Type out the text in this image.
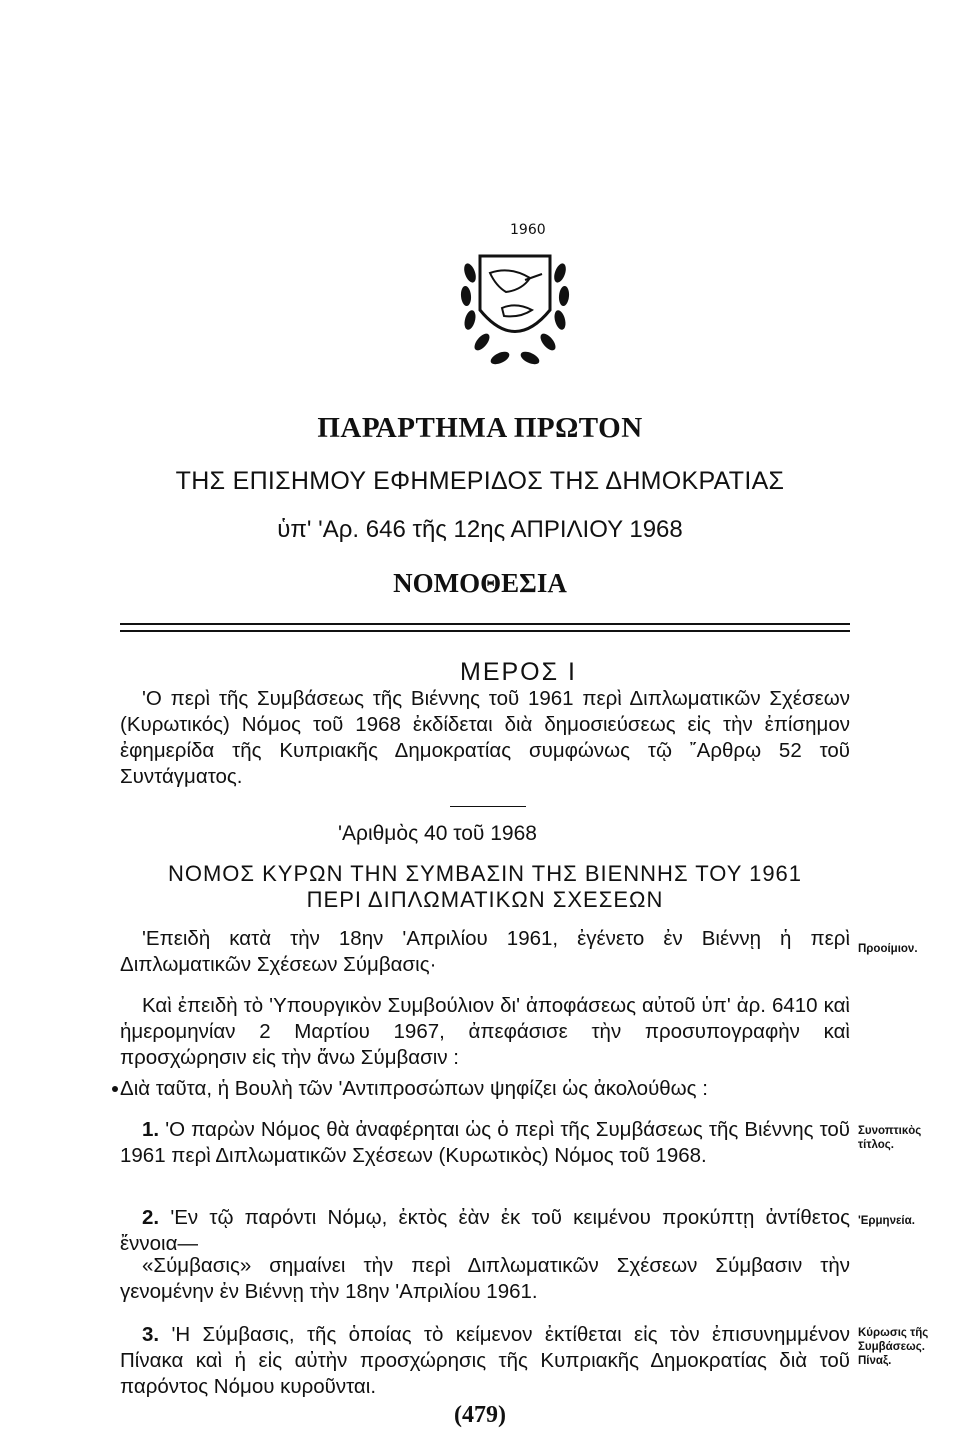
1960
ΠΑΡΑΡΤΗΜΑ ΠΡΩΤΟΝ
ΤΗΣ ΕΠΙΣΗΜΟΥ ΕΦΗΜΕΡΙΔΟΣ ΤΗΣ ΔΗΜΟΚΡΑΤΙΑΣ
ὑπ' 'Αρ. 646 τῆς 12ης ΑΠΡΙΛΙΟΥ 1968
ΝΟΜΟΘΕΣΙΑ
ΜΕΡΟΣ Ι
'Ο περὶ τῆς Συμβάσεως τῆς Βιέννης τοῦ 1961 περὶ Διπλωματικῶν Σχέσεων (Κυρωτικός) Νόμος τοῦ 1968 ἐκδίδεται διὰ δημοσιεύσεως εἰς τὴν ἐπίσημον ἐφημερίδα τῆς Κυπριακῆς Δημοκρατίας συμφώνως τῷ ῎Αρθρῳ 52 τοῦ Συντάγματος.
'Αριθμὸς 40 τοῦ 1968
ΝΟΜΟΣ ΚΥΡΩΝ ΤΗΝ ΣΥΜΒΑΣΙΝ ΤΗΣ ΒΙΕΝΝΗΣ ΤΟΥ 1961
ΠΕΡΙ ΔΙΠΛΩΜΑΤΙΚΩΝ ΣΧΕΣΕΩΝ
'Επειδὴ κατὰ τὴν 18ην 'Απριλίου 1961, ἐγένετο ἐν Βιέννῃ ἡ περὶ Διπλωματικῶν Σχέσεων Σύμβασις·
Καὶ ἐπειδὴ τὸ 'Υπουργικὸν Συμβούλιον δι' ἀποφάσεως αὐτοῦ ὑπ' ἀρ. 6410 καὶ ἡμερομηνίαν 2 Μαρτίου 1967, ἀπεφάσισε τὴν προσυπογραφὴν καὶ προσχώρησιν εἰς τὴν ἄνω Σύμβασιν :
Διὰ ταῦτα, ἡ Βουλὴ τῶν 'Αντιπροσώπων ψηφίζει ὡς ἀκολούθως :
1. 'Ο παρὼν Νόμος θὰ ἀναφέρηται ὡς ὁ περὶ τῆς Συμβάσεως τῆς Βιέννης τοῦ 1961 περὶ Διπλωματικῶν Σχέσεων (Κυρωτικὸς) Νόμος τοῦ 1968.
2. 'Εν τῷ παρόντι Νόμῳ, ἐκτὸς ἐὰν ἐκ τοῦ κειμένου προκύπτῃ ἀντίθετος ἔννοια—
«Σύμβασις» σημαίνει τὴν περὶ Διπλωματικῶν Σχέσεων Σύμβασιν τὴν γενομένην ἐν Βιέννῃ τὴν 18ην 'Απριλίου 1961.
3. 'Η Σύμβασις, τῆς ὁποίας τὸ κείμενον ἐκτίθεται εἰς τὸν ἐπισυνημμένον Πίνακα καὶ ἡ εἰς αὐτὴν προσχώρησις τῆς Κυπριακῆς Δημοκρατίας διὰ τοῦ παρόντος Νόμου κυροῦνται.
Προοίμιον.
Συνοπτικὸς τίτλος.
'Ερμηνεία.
Κύρωσις τῆς Συμβάσεως. Πίναξ.
(479)
